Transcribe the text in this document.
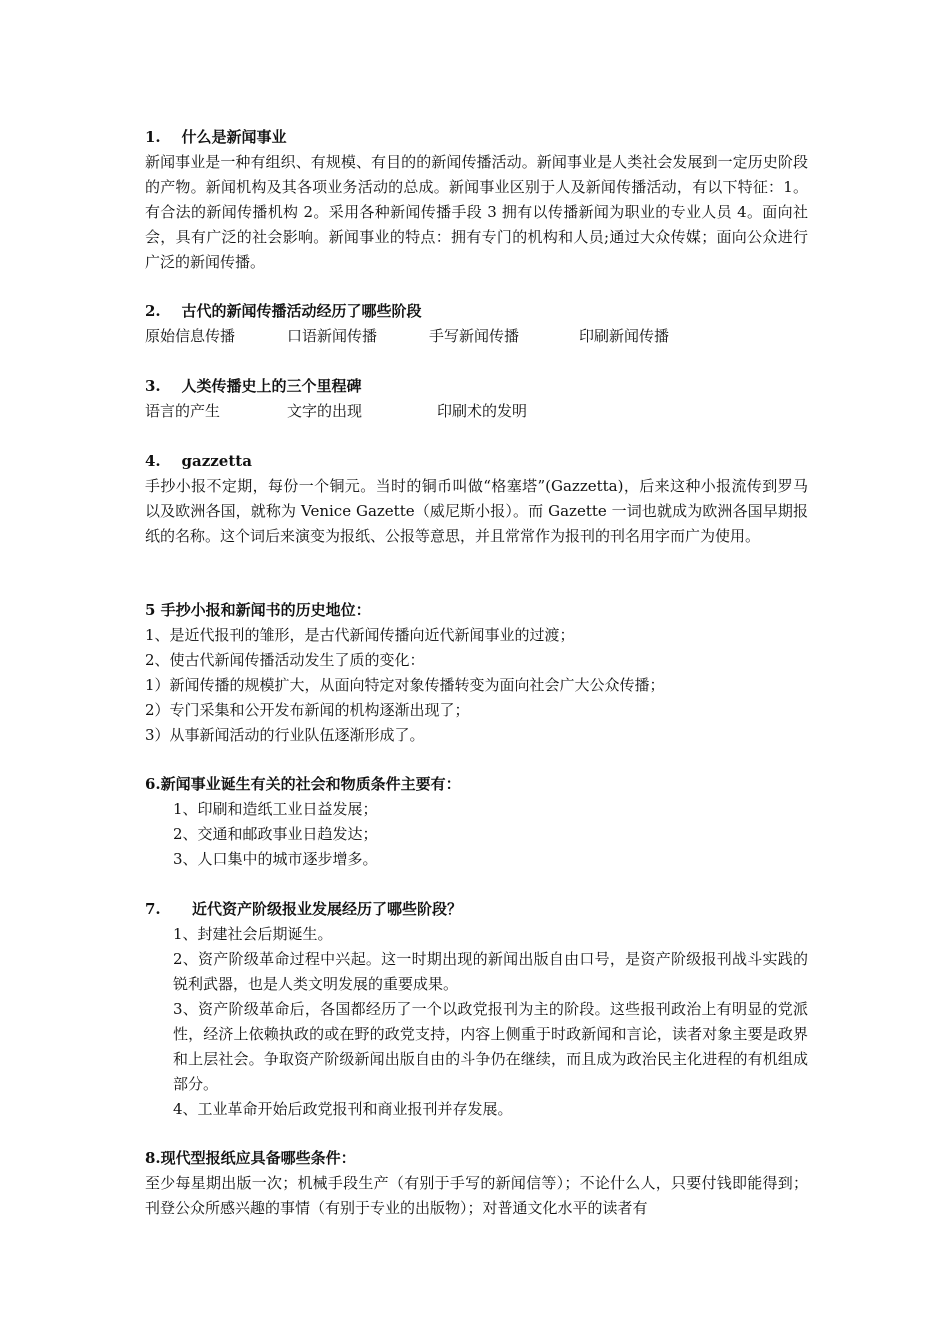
1.    什么是新闻事业

新闻事业是一种有组织、有规模、有目的的新闻传播活动。新闻事业是人类社会发展到一定历史阶段的产物。新闻机构及其各项业务活动的总成。新闻事业区别于人及新闻传播活动，有以下特征：1。有合法的新闻传播机构 2。采用各种新闻传播手段 3 拥有以传播新闻为职业的专业人员 4。面向社会，具有广泛的社会影响。新闻事业的特点：拥有专门的机构和人员;通过大众传媒；面向公众进行广泛的新闻传播。

2.    古代的新闻传播活动经历了哪些阶段
原始信息传播	口语新闻传播	手写新闻传播	印刷新闻传播
3.    人类传播史上的三个里程碑
语言的产生	文字的出现	印刷术的发明
4.    gazzetta

手抄小报不定期，每份一个铜元。当时的铜币叫做“格塞塔”(Gazzetta)，后来这种小报流传到罗马以及欧洲各国，就称为 Venice Gazette（威尼斯小报）。而 Gazette 一词也就成为欧洲各国早期报纸的名称。这个词后来演变为报纸、公报等意思，并且常常作为报刊的刊名用字而广为使用。

5 手抄小报和新闻书的历史地位：
1、是近代报刊的雏形，是古代新闻传播向近代新闻事业的过渡；
2、使古代新闻传播活动发生了质的变化：
1）新闻传播的规模扩大，从面向特定对象传播转变为面向社会广大公众传播；
2）专门采集和公开发布新闻的机构逐渐出现了；
3）从事新闻活动的行业队伍逐渐形成了。
6.新闻事业诞生有关的社会和物质条件主要有：
1、印刷和造纸工业日益发展；
2、交通和邮政事业日趋发达；
3、人口集中的城市逐步增多。
7.      近代资产阶级报业发展经历了哪些阶段？

1、封建社会后期诞生。

2、资产阶级革命过程中兴起。这一时期出现的新闻出版自由口号，是资产阶级报刊战斗实践的锐利武器，也是人类文明发展的重要成果。

3、资产阶级革命后，各国都经历了一个以政党报刊为主的阶段。这些报刊政治上有明显的党派性，经济上依赖执政的或在野的政党支持，内容上侧重于时政新闻和言论，读者对象主要是政界和上层社会。争取资产阶级新闻出版自由的斗争仍在继续，而且成为政治民主化进程的有机组成部分。

4、工业革命开始后政党报刊和商业报刊并存发展。

8.现代型报纸应具备哪些条件：

至少每星期出版一次；机械手段生产（有别于手写的新闻信等）；不论什么人，只要付钱即能得到；刊登公众所感兴趣的事情（有别于专业的出版物）；对普通文化水平的读者有
